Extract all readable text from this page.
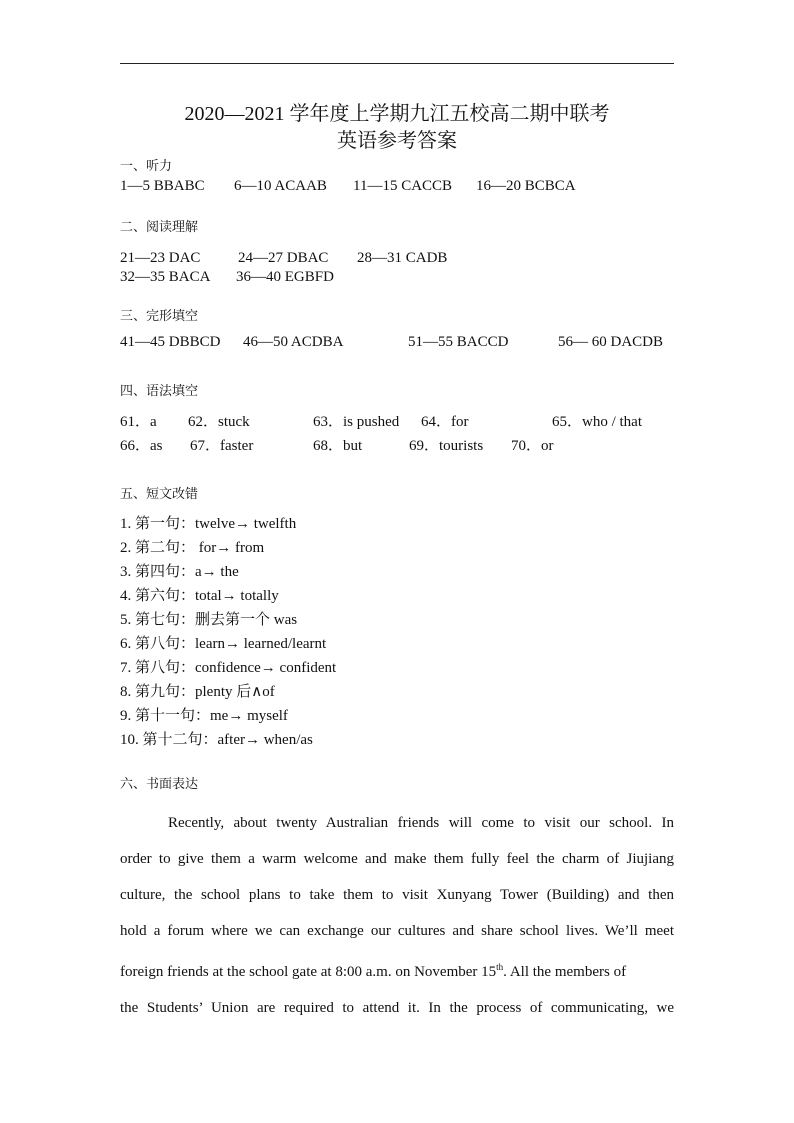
2020—2021 学年度上学期九江五校高二期中联考
英语参考答案
一、听力
1—5 BBABC 6—10 ACAAB 11—15 CACCB 16—20 BCBCA
二、阅读理解
21—23 DAC	24—27 DBAC 28—31 CADB
32—35 BACA 36—40 EGBFD
三、完形填空
41—45 DBBCD 46—50 ACDBA	51—55 BACCD	56— 60 DACDB
四、语法填空
61．a 62．stuck	63．is pushed 64．for	65．who / that
66．as 67．faster	68．but	69．tourists 70．or
五、短文改错
1. 第一句：twelve→ twelfth
2. 第二句： for→ from
3. 第四句：a→ the
4. 第六句：total→ totally
5. 第七句：删去第一个 was
6. 第八句：learn→ learned/learnt
7. 第八句：confidence→ confident
8. 第九句：plenty 后∧of
9. 第十一句：me→ myself
10. 第十二句：after→ when/as
六、书面表达
Recently, about twenty Australian friends will come to visit our school. In
order to give them a warm welcome and make them fully feel the charm of Jiujiang
culture, the school plans to take them to visit Xunyang Tower (Building) and then
hold a forum where we can exchange our cultures and share school lives. We’ll meet
foreign friends at the school gate at 8:00 a.m. on November 15th. All the members of
the Students’ Union are required to attend it. In the process of communicating, we
